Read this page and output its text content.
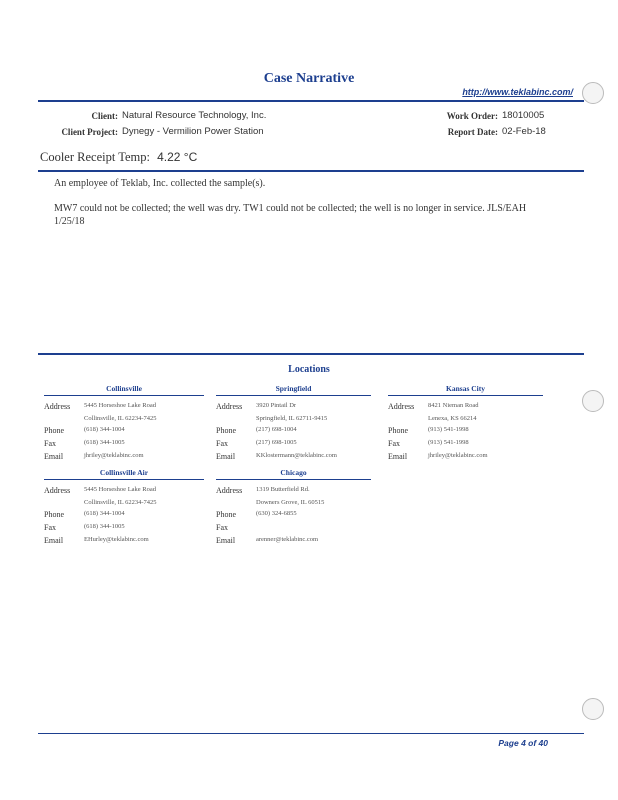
Case Narrative
http://www.teklabinc.com/
Client: Natural Resource Technology, Inc.
Client Project: Dynegy - Vermilion Power Station
Work Order: 18010005
Report Date: 02-Feb-18
Cooler Receipt Temp: 4.22 °C
An employee of Teklab, Inc. collected the sample(s).
MW7 could not be collected; the well was dry. TW1 could not be collected; the well is no longer in service. JLS/EAH
1/25/18
Locations
Collinsville
Address 5445 Horseshoe Lake Road
Collinsville, IL 62234-7425
Phone	(618) 344-1004
Fax	(618) 344-1005
Email	jhriley@teklabinc.com
Springfield
Address 3920 Pintail Dr
Springfield, IL 62711-9415
Phone	(217) 698-1004
Fax	(217) 698-1005
Email	KKlostermann@teklabinc.com
Kansas City
Address 8421 Nieman Road
Lenexa, KS 66214
Phone	(913) 541-1998
Fax	(913) 541-1998
Email	jhriley@teklabinc.com
Collinsville Air
Address 5445 Horseshoe Lake Road
Collinsville, IL 62234-7425
Phone	(618) 344-1004
Fax	(618) 344-1005
Email	EHurley@teklabinc.com
Chicago
Address 1319 Butterfield Rd.
Downers Grove, IL 60515
Phone	(630) 324-6855
Fax
Email	arenner@teklabinc.com
Page 4 of 40
